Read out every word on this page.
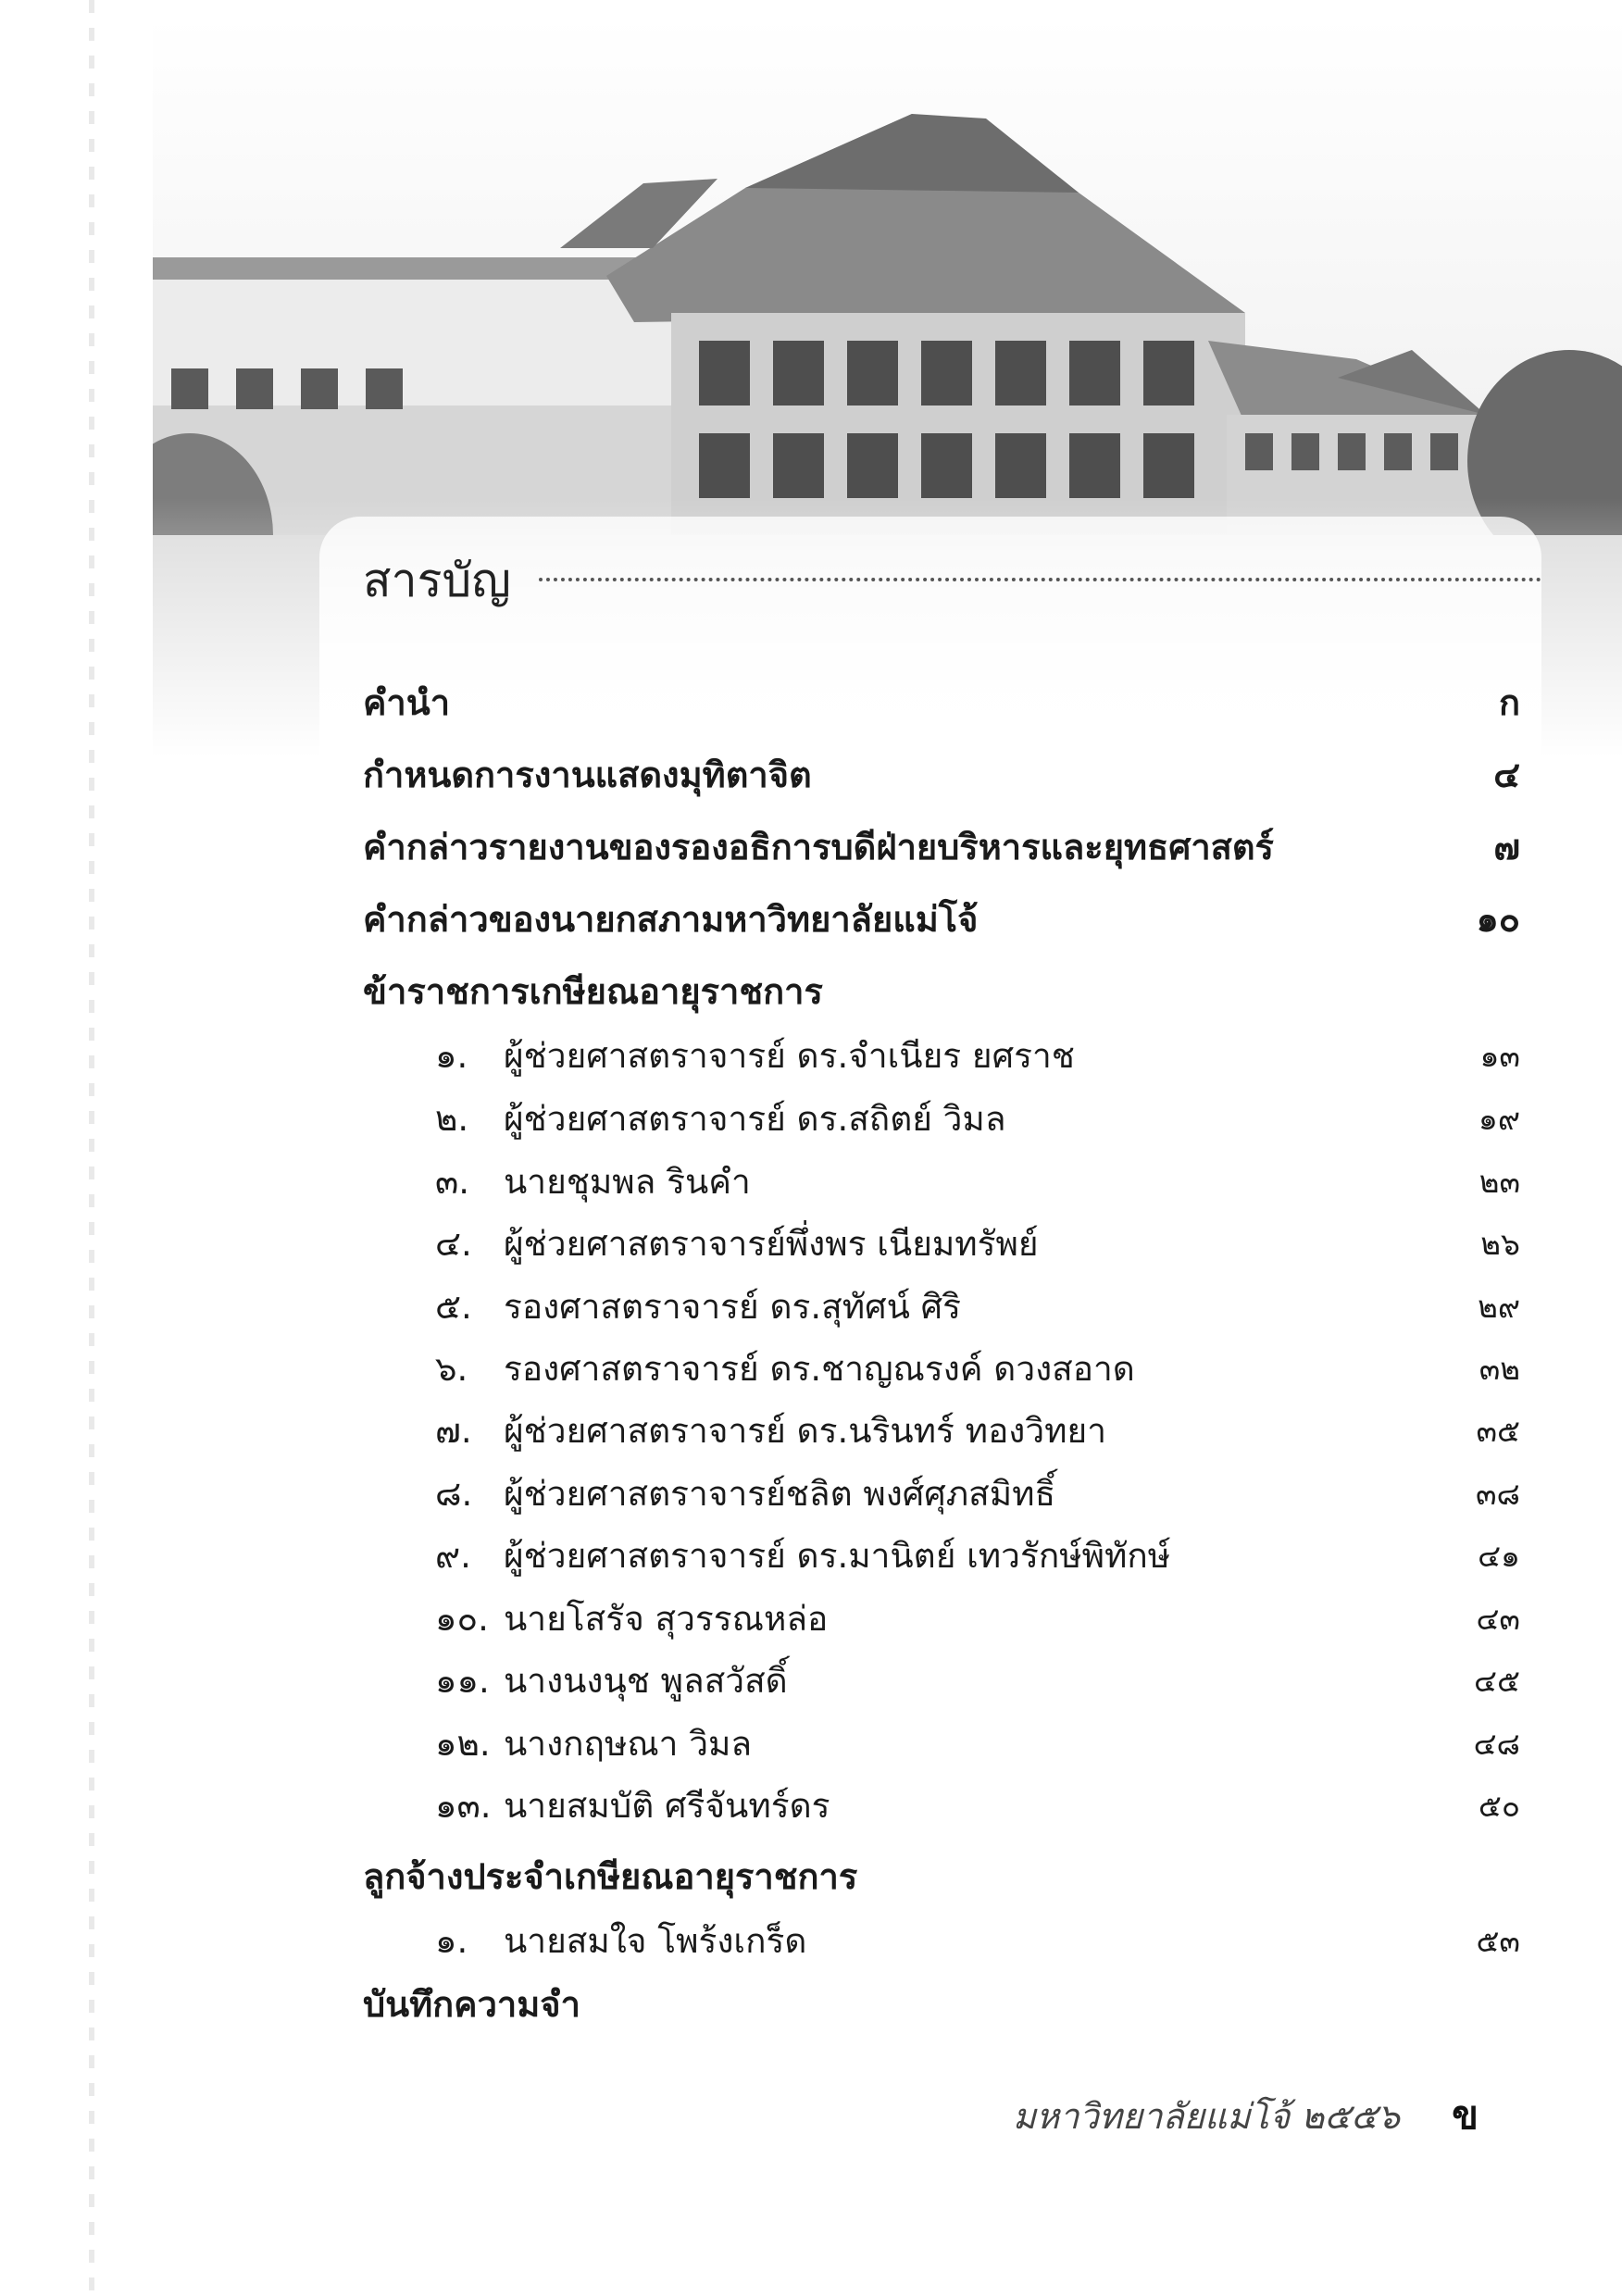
สารบัญ
คำนำ	ก
กำหนดการงานแสดงมุทิตาจิต	๔
คำกล่าวรายงานของรองอธิการบดีฝ่ายบริหารและยุทธศาสตร์	๗
คำกล่าวของนายกสภามหาวิทยาลัยแม่โจ้	๑๐
ข้าราชการเกษียณอายุราชการ
๑. ผู้ช่วยศาสตราจารย์ ดร.จำเนียร ยศราช	๑๓
๒. ผู้ช่วยศาสตราจารย์ ดร.สถิตย์ วิมล	๑๙
๓. นายชุมพล รินคำ	๒๓
๔. ผู้ช่วยศาสตราจารย์พึ่งพร เนียมทรัพย์	๒๖
๕. รองศาสตราจารย์ ดร.สุทัศน์ ศิริ	๒๙
๖. รองศาสตราจารย์ ดร.ชาญณรงค์ ดวงสอาด	๓๒
๗. ผู้ช่วยศาสตราจารย์ ดร.นรินทร์ ทองวิทยา	๓๕
๘. ผู้ช่วยศาสตราจารย์ชลิต พงศ์ศุภสมิทธิ์	๓๘
๙. ผู้ช่วยศาสตราจารย์ ดร.มานิตย์ เทวรักษ์พิทักษ์	๔๑
๑๐. นายโสรัจ สุวรรณหล่อ	๔๓
๑๑. นางนงนุช พูลสวัสดิ์	๔๕
๑๒. นางกฤษณา วิมล	๔๘
๑๓. นายสมบัติ ศรีจันทร์ดร	๕๐
ลูกจ้างประจำเกษียณอายุราชการ
๑. นายสมใจ โพร้งเกร็ด	๕๓
บันทึกความจำ
มหาวิทยาลัยแม่โจ้ ๒๕๕๖ ข
